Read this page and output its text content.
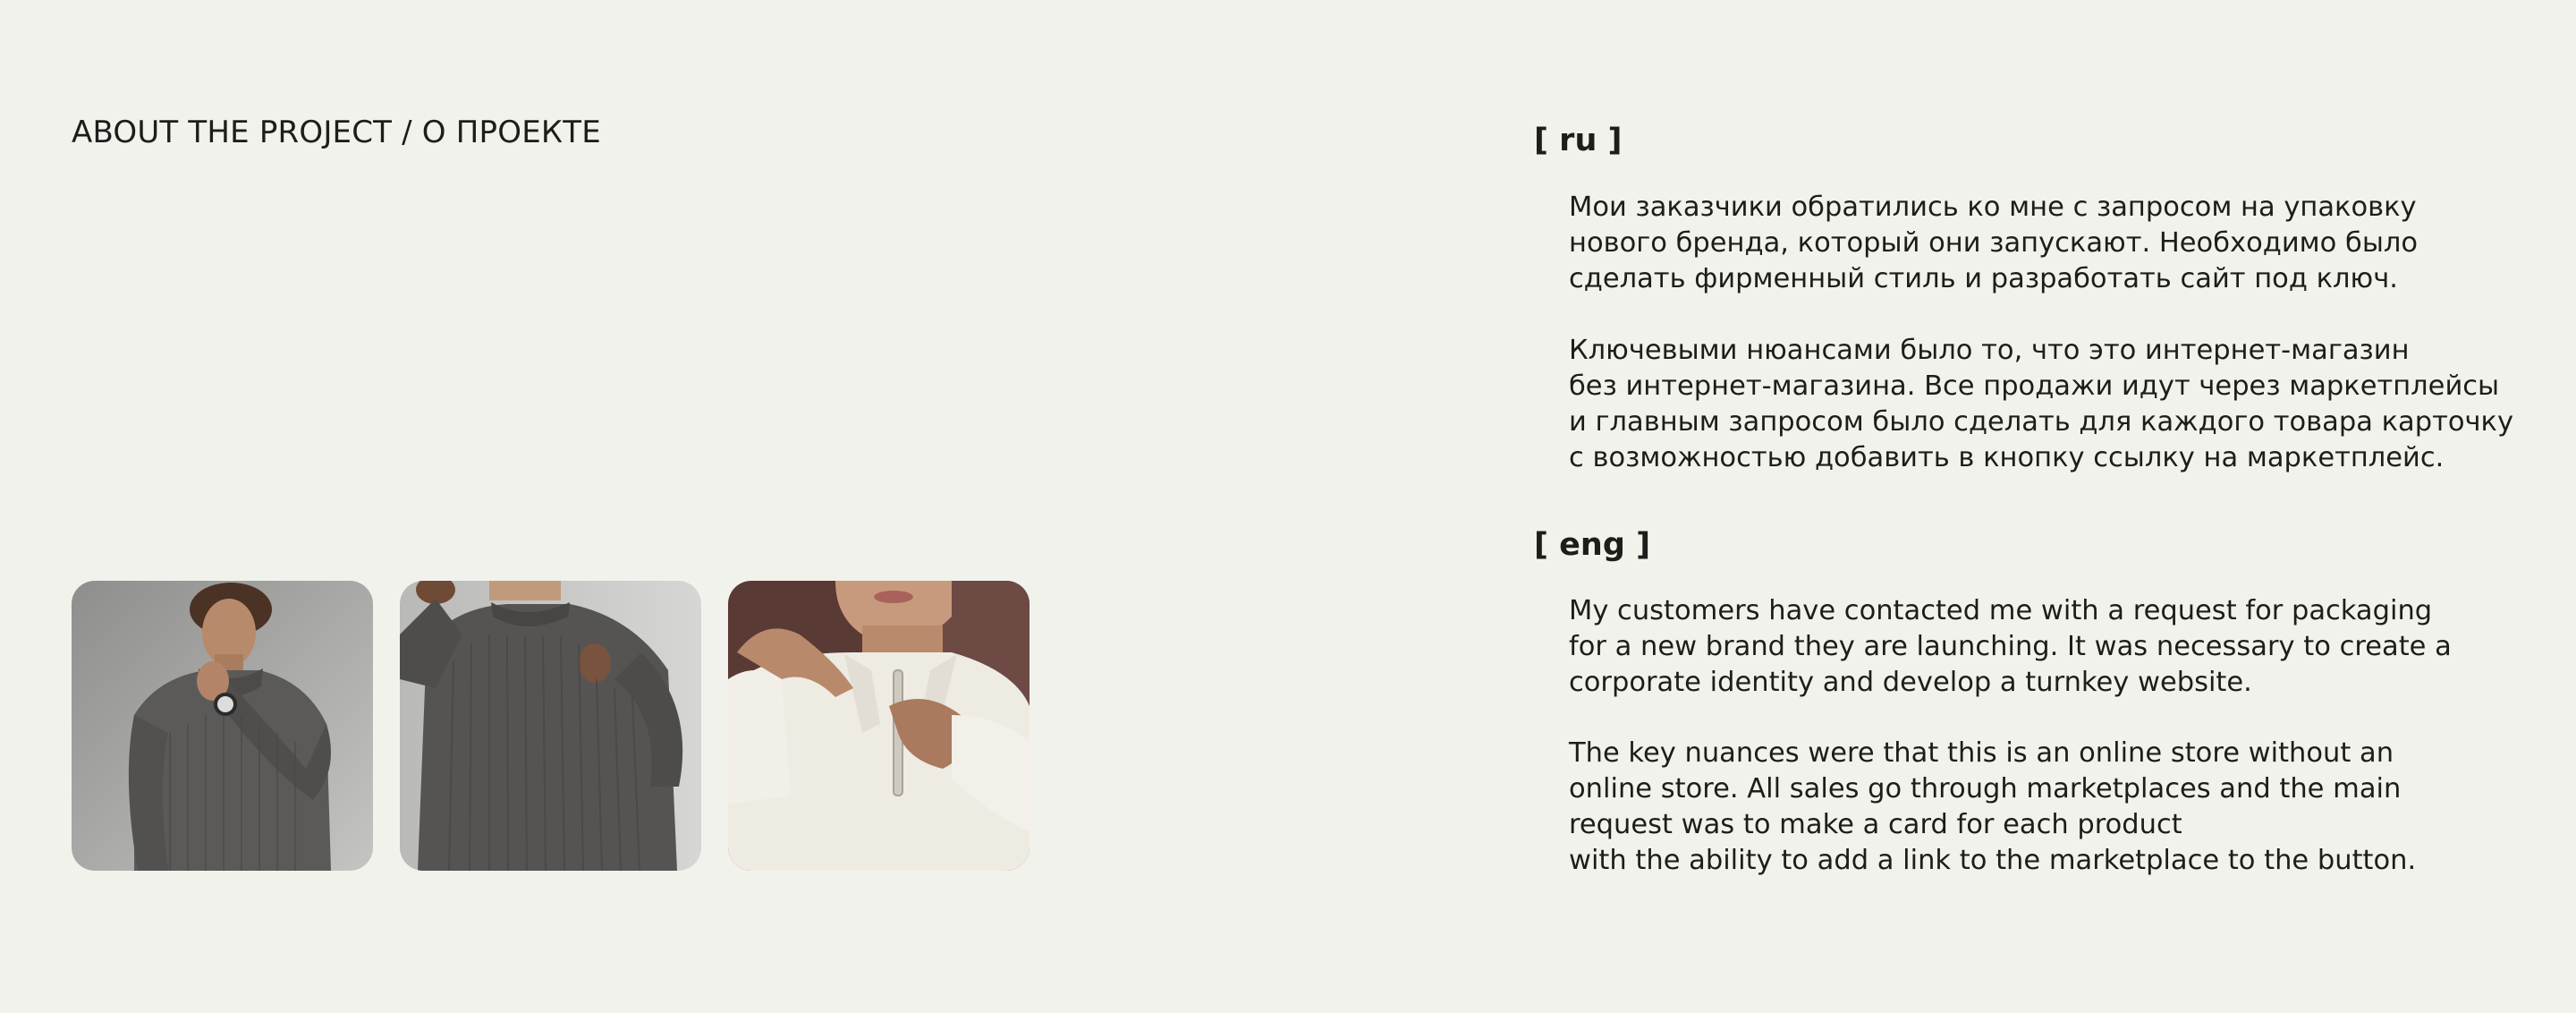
ABOUT THE PROJECT / О ПРОЕКТЕ	[ ru ]

Мои заказчики обратились ко мне с запросом на упаковку
нового бренда, который они запускают. Необходимо было
сделать фирменный стиль и разработать сайт под ключ.

Ключевыми нюансами было то, что это интернет-магазин
без интернет-магазина. Все продажи идут через маркетплейсы
и главным запросом было сделать для каждого товара карточку
с возможностью добавить в кнопку ссылку на маркетплейс.

[ eng ]

My customers have contacted me with a request for packaging
for a new brand they are launching. It was necessary to create a
corporate identity and develop a turnkey website.

The key nuances were that this is an online store without an
online store. All sales go through marketplaces and the main
request was to make a card for each product
with the ability to add a link to the marketplace to the button.
